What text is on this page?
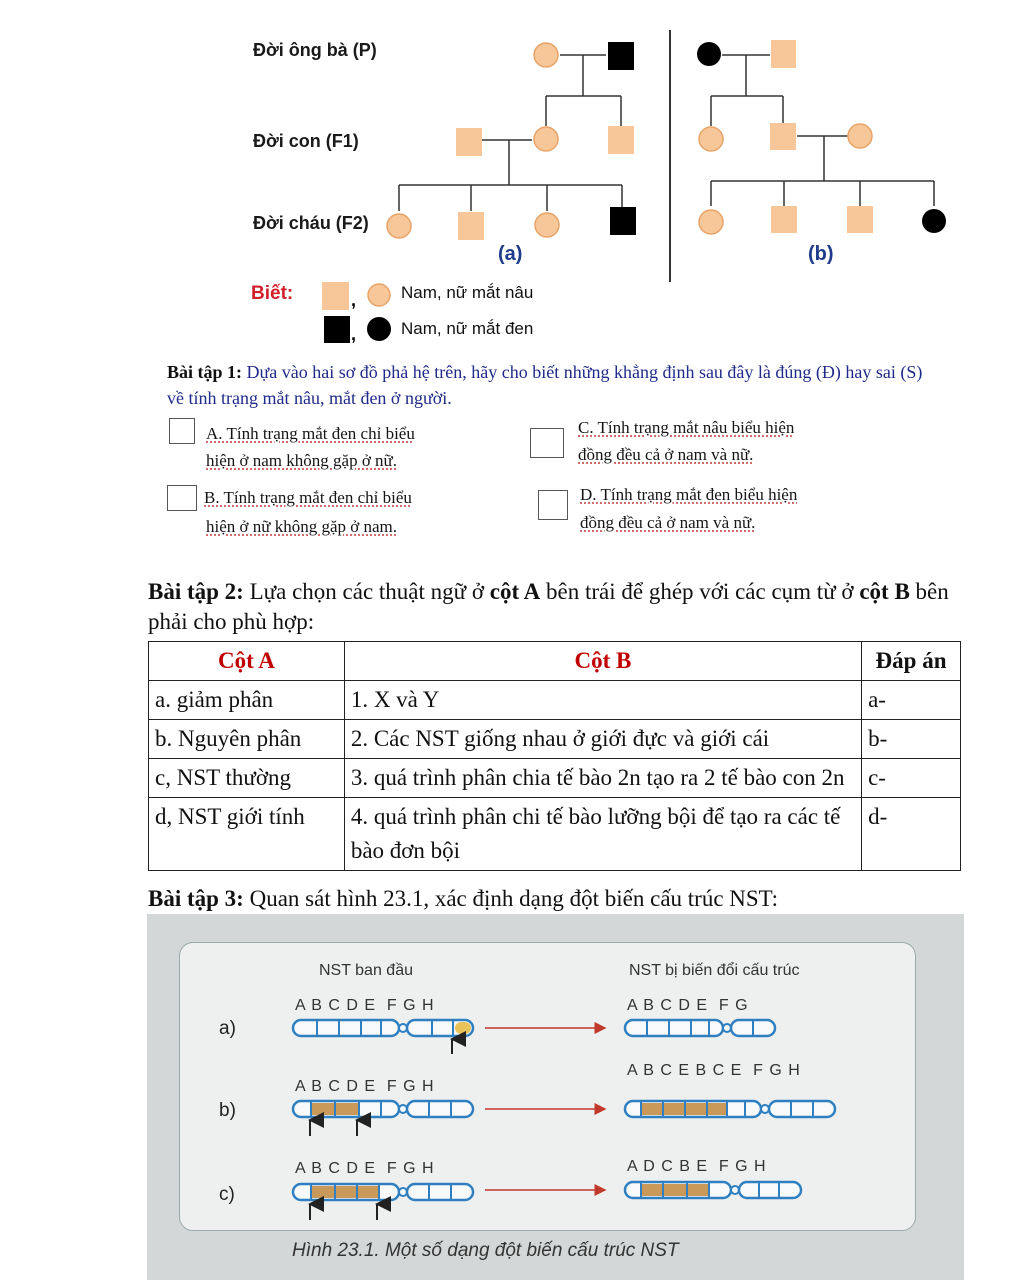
Đời ông bà (P)
Đời con (F1)
Đời cháu (F2)
(a)	(b)
Biết:	,
,
Nam, nữ mắt nâu
Nam, nữ mắt đen
Bài tập 1: Dựa vào hai sơ đồ phả hệ trên, hãy cho biết những khẳng định sau đây là đúng (Đ) hay sai (S) về tính trạng mắt nâu, mắt đen ở người.
A. Tính trạng mắt đen chỉ biểu
hiện ở nam không gặp ở nữ.
C. Tính trạng mắt nâu biểu hiện
đồng đều cả ở nam và nữ.
B. Tính trạng mắt đen chỉ biểu
hiện ở nữ không gặp ở nam.
D. Tính trạng mắt đen biểu hiện
đồng đều cả ở nam và nữ.
Bài tập 2: Lựa chọn các thuật ngữ ở cột A bên trái để ghép với các cụm từ ở cột B bên phải cho phù hợp:
Cột A	Cột B	Đáp án
a. giảm phân	1. X và Y	a-
b. Nguyên phân	2. Các NST giống nhau ở giới đực và giới cái	b-
c, NST thường	3. quá trình phân chia tế bào 2n tạo ra 2 tế bào con 2n	c-
d, NST giới tính	4. quá trình phân chi tế bào lưỡng bội để tạo ra các tế bào đơn bội	d-
Bài tập 3: Quan sát hình 23.1, xác định dạng đột biến cấu trúc NST:
NST ban đầu	NST bị biến đổi cấu trúc
a)
b)
c)
A B C D E  F G H	A B C D E  F G
A B C D E  F G H
A B C E B C E  F G H
A B C D E  F G H	A D C B E  F G H
Hình 23.1. Một số dạng đột biến cấu trúc NST
